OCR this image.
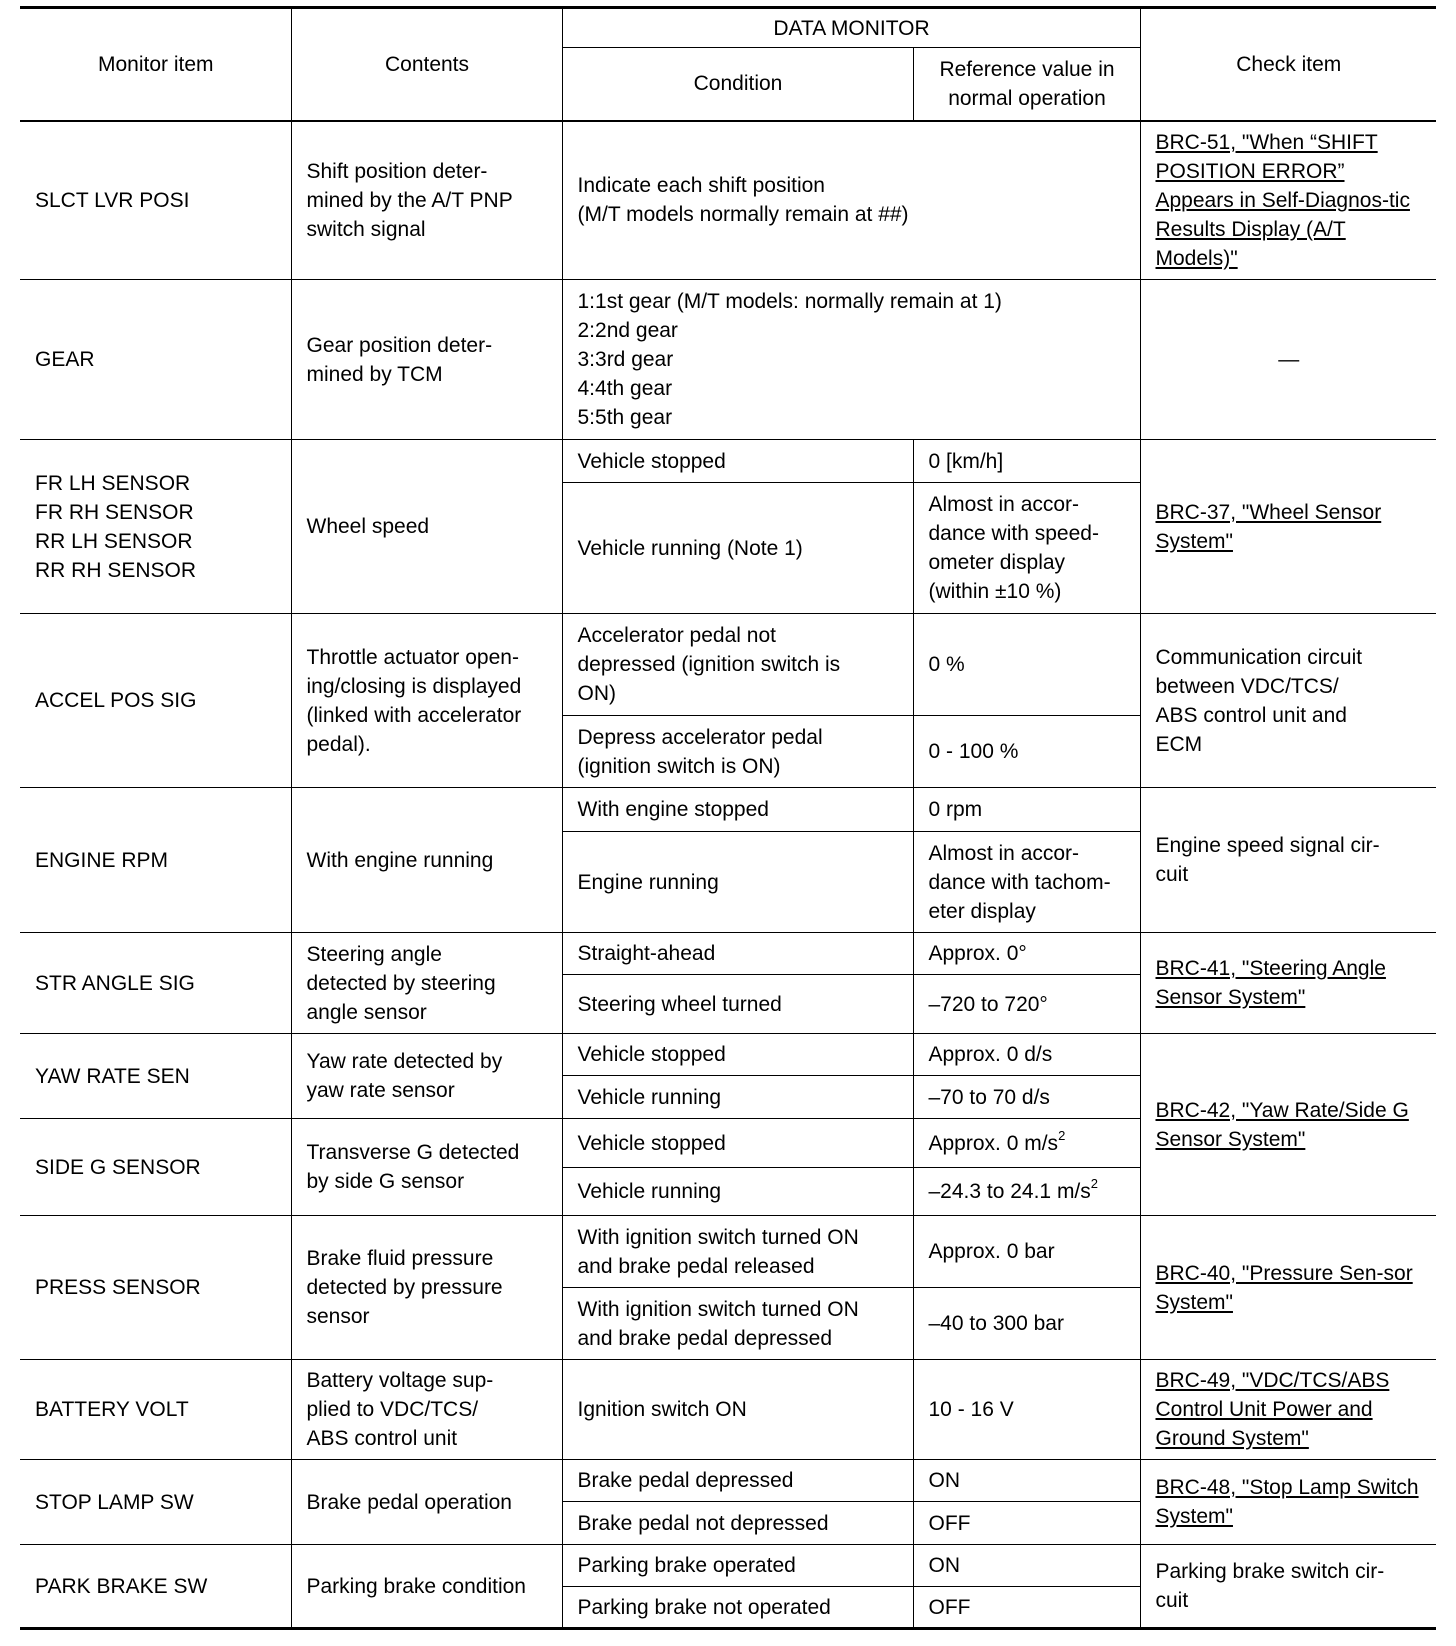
Monitor item	Contents	DATA MONITOR		Check item
		Condition	Reference value in normal operation	
SLCT LVR POSI	Shift position deter-
mined by the A/T PNP
switch signal	Indicate each shift position
(M/T models normally remain at ##)		BRC-51, "When “SHIFT POSITION ERROR” Appears in Self-Diagnos-tic Results Display (A/T Models)"
GEAR	Gear position deter-
mined by TCM	1:1st gear (M/T models: normally remain at 1)
2:2nd gear
3:3rd gear
4:4th gear
5:5th gear		—
FR LH SENSOR
FR RH SENSOR
RR LH SENSOR
RR RH SENSOR	Wheel speed	Vehicle stopped	0 [km/h]	BRC-37, "Wheel Sensor System"
		Vehicle running (Note 1)	Almost in accor-
dance with speed-
ometer display
(within ±10 %)	
ACCEL POS SIG	Throttle actuator open-
ing/closing is displayed
(linked with accelerator
pedal).	Accelerator pedal not
depressed (ignition switch is
ON)	0 %	Communication circuit
between VDC/TCS/
ABS control unit and
ECM
		Depress accelerator pedal
(ignition switch is ON)	0 - 100 %	
ENGINE RPM	With engine running	With engine stopped	0 rpm	Engine speed signal cir-
cuit
		Engine running	Almost in accor-
dance with tachom-
eter display	
STR ANGLE SIG	Steering angle
detected by steering
angle sensor	Straight-ahead	Approx. 0°	BRC-41, "Steering Angle Sensor System"
		Steering wheel turned	–720 to 720°	
YAW RATE SEN	Yaw rate detected by
yaw rate sensor	Vehicle stopped	Approx. 0 d/s	BRC-42, "Yaw Rate/Side G Sensor System"
		Vehicle running	–70 to 70 d/s	
SIDE G SENSOR	Transverse G detected
by side G sensor	Vehicle stopped	Approx. 0 $m/s^2$
		Vehicle running	–24.3 to 24.1 $m/s^2$
PRESS SENSOR	Brake fluid pressure
detected by pressure
sensor	With ignition switch turned ON
and brake pedal released	Approx. 0 bar	BRC-40, "Pressure Sen-sor System"
		With ignition switch turned ON
and brake pedal depressed	–40 to 300 bar	
BATTERY VOLT	Battery voltage sup-
plied to VDC/TCS/
ABS control unit	Ignition switch ON	10 - 16 V	BRC-49, "VDC/TCS/ABS Control Unit Power and Ground System"
STOP LAMP SW	Brake pedal operation	Brake pedal depressed	ON	BRC-48, "Stop Lamp Switch System"
		Brake pedal not depressed	OFF	
PARK BRAKE SW	Parking brake condition	Parking brake operated	ON	Parking brake switch cir-
cuit
		Parking brake not operated	OFF	
